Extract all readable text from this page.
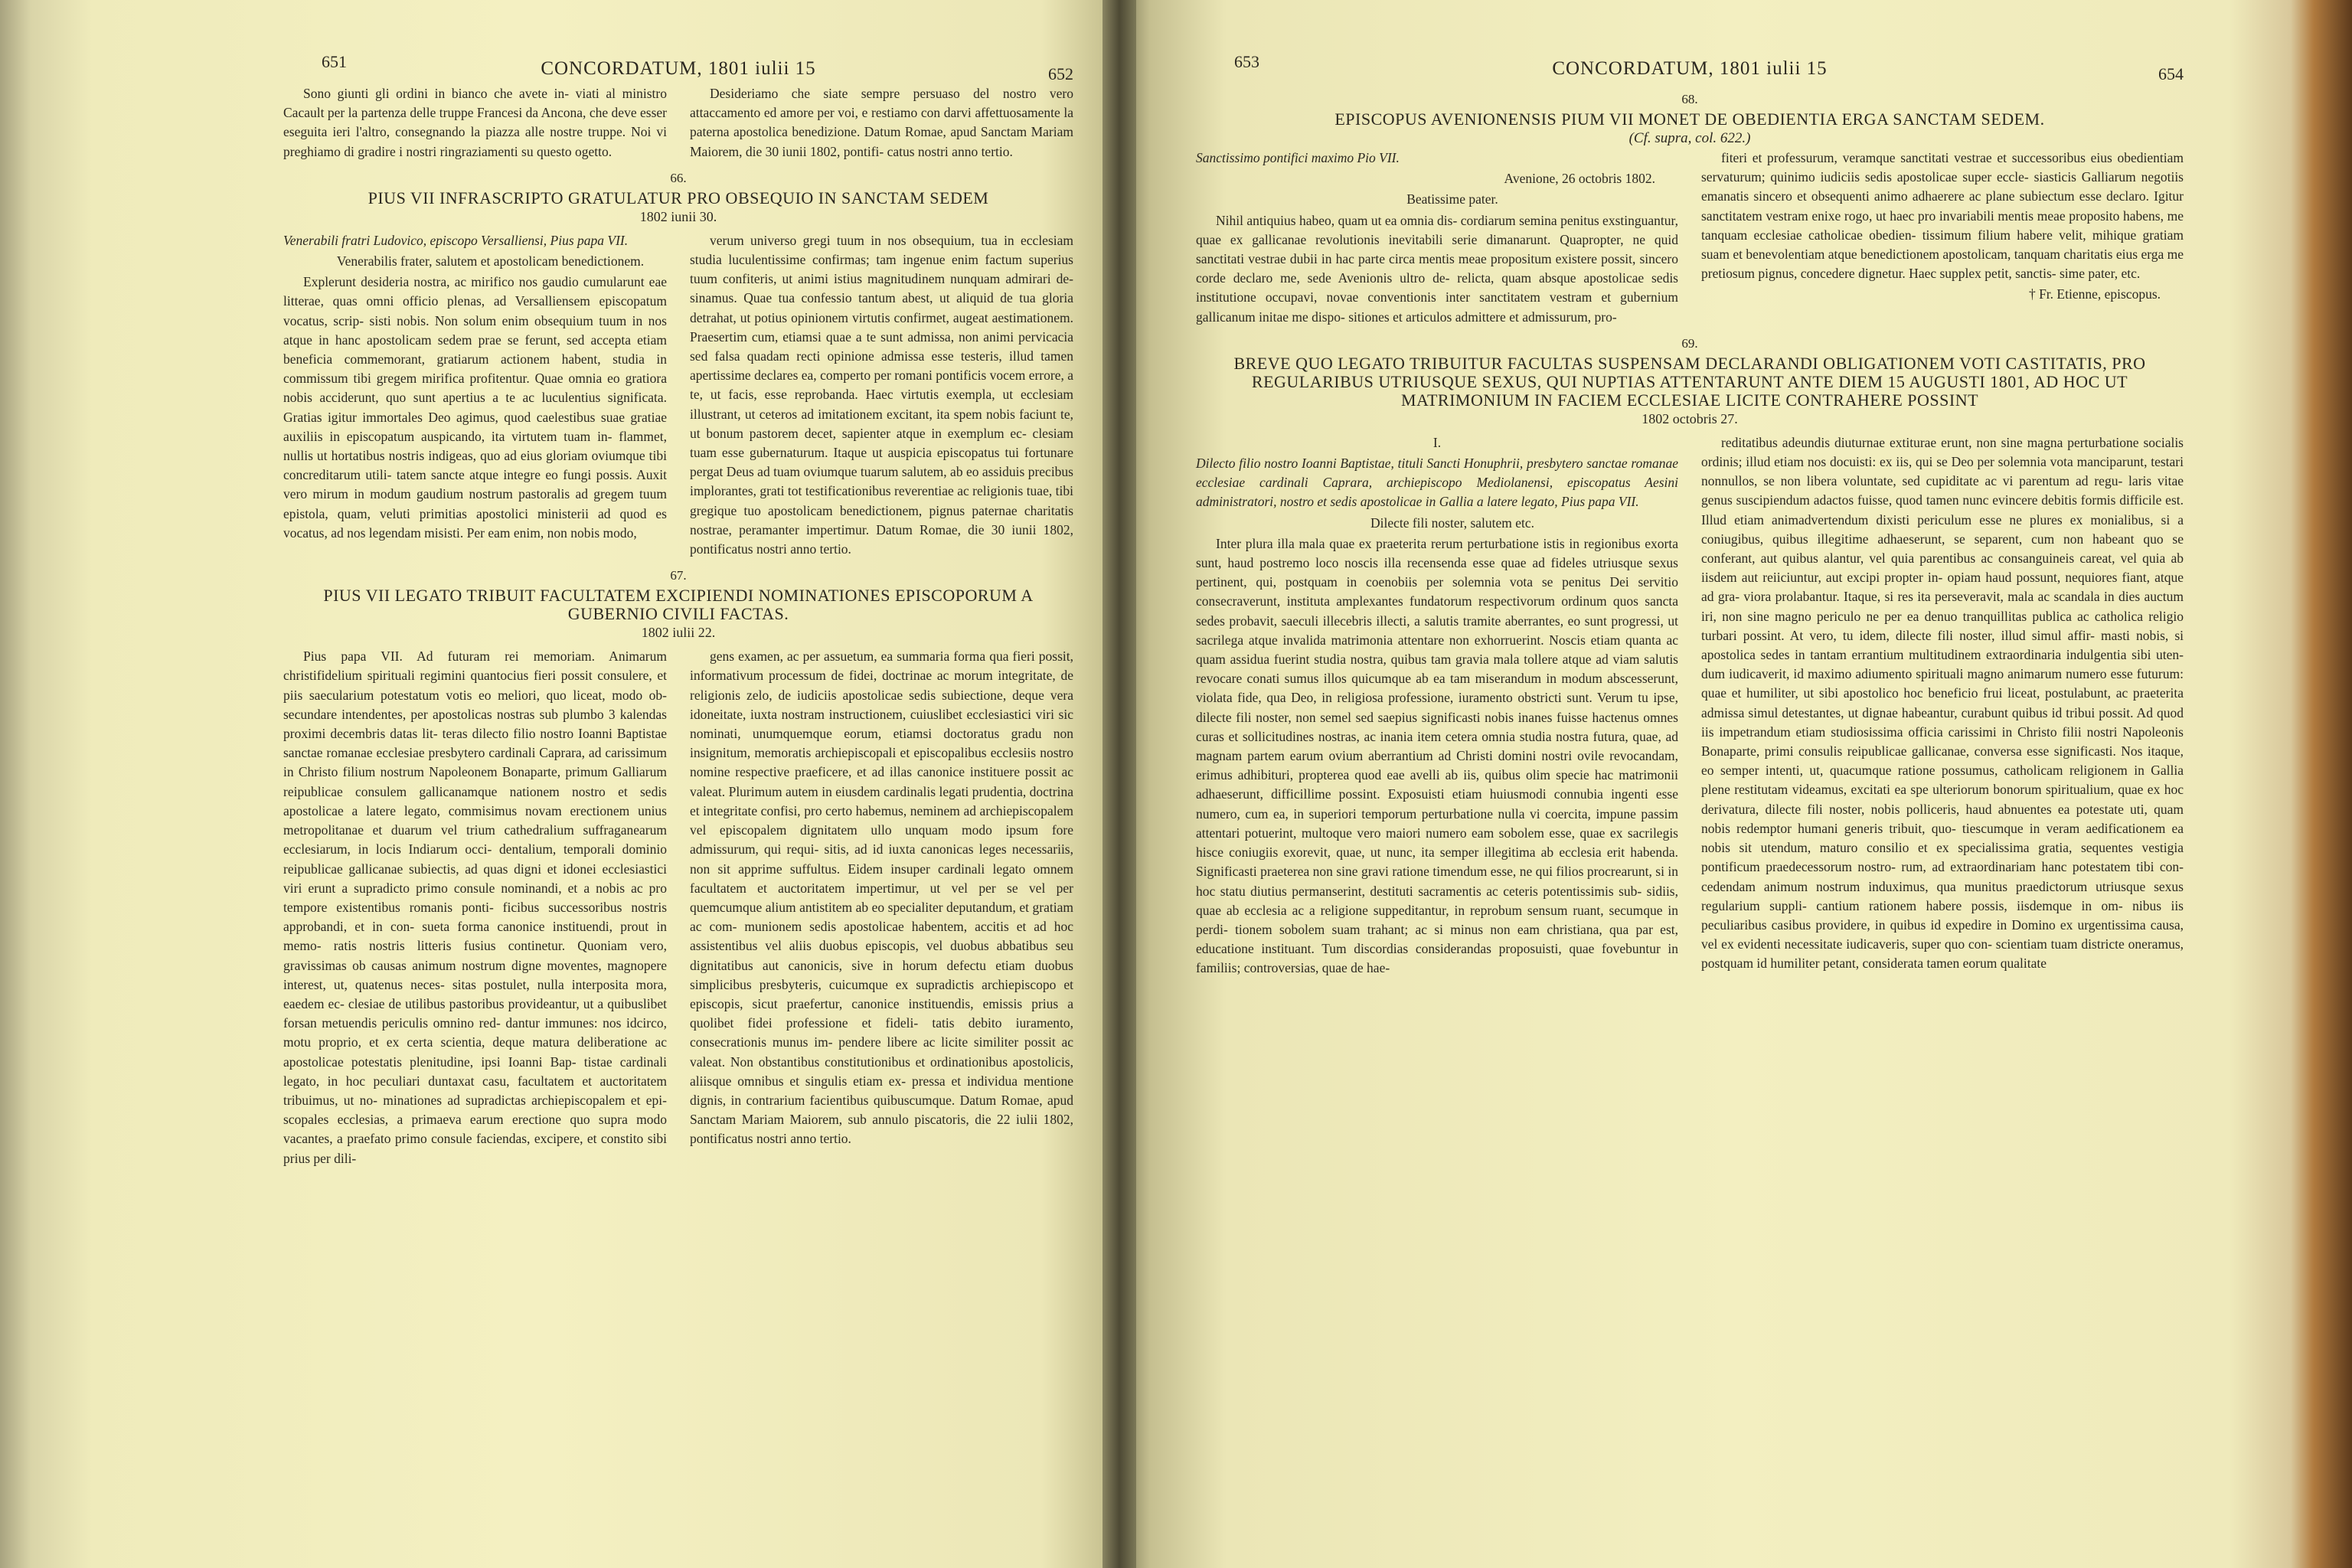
651	CONCORDATUM, 1801 iulii 15	652

Sono giunti gli ordini in bianco che avete in- viati al ministro Cacault per la partenza delle truppe Francesi da Ancona, che deve esser eseguita ieri l'altro, consegnando la piazza alle nostre truppe. Noi vi preghiamo di gradire i nostri ringraziamenti su questo ogetto.

Desideriamo che siate sempre persuaso del nostro vero attaccamento ed amore per voi, e restiamo con darvi affettuosamente la paterna apostolica benedizione. Datum Romae, apud Sanctam Mariam Maiorem, die 30 iunii 1802, pontifi- catus nostri anno tertio.

66.
PIUS VII INFRASCRIPTO GRATULATUR PRO OBSEQUIO IN SANCTAM SEDEM
1802 iunii 30.

Venerabili fratri Ludovico, episcopo Versalliensi, Pius papa VII.

Venerabilis frater, salutem et apostolicam benedictionem.

Explerunt desideria nostra, ac mirifico nos gaudio cumularunt eae litterae, quas omni officio plenas, ad Versalliensem episcopatum vocatus, scrip- sisti nobis. Non solum enim obsequium tuum in nos atque in hanc apostolicam sedem prae se ferunt, sed accepta etiam beneficia commemorant, gratiarum actionem habent, studia in commissum tibi gregem mirifica profitentur. Quae omnia eo gratiora nobis acciderunt, quo sunt apertius a te ac luculentius significata. Gratias igitur immortales Deo agimus, quod caelestibus suae gratiae auxiliis in episcopatum auspicando, ita virtutem tuam in- flammet, nullis ut hortatibus nostris indigeas, quo ad eius gloriam oviumque tibi concreditarum utili- tatem sancte atque integre eo fungi possis. Auxit vero mirum in modum gaudium nostrum pastoralis ad gregem tuum epistola, quam, veluti primitias apostolici ministerii ad quod es vocatus, ad nos legendam misisti. Per eam enim, non nobis modo,

verum universo gregi tuum in nos obsequium, tua in ecclesiam studia luculentissime confirmas; tam ingenue enim factum superius tuum confiteris, ut animi istius magnitudinem nunquam admirari de- sinamus. Quae tua confessio tantum abest, ut aliquid de tua gloria detrahat, ut potius opinionem virtutis confirmet, augeat aestimationem. Praesertim cum, etiamsi quae a te sunt admissa, non animi pervicacia sed falsa quadam recti opinione admissa esse testeris, illud tamen apertissime declares ea, comperto per romani pontificis vocem errore, a te, ut facis, esse reprobanda. Haec virtutis exempla, ut ecclesiam illustrant, ut ceteros ad imitationem excitant, ita spem nobis faciunt te, ut bonum pastorem decet, sapienter atque in exemplum ec- clesiam tuam esse gubernaturum. Itaque ut auspicia episcopatus tui fortunare pergat Deus ad tuam oviumque tuarum salutem, ab eo assiduis precibus implorantes, grati tot testificationibus reverentiae ac religionis tuae, tibi gregique tuo apostolicam benedictionem, pignus paternae charitatis nostrae, peramanter impertimur. Datum Romae, die 30 iunii 1802, pontificatus nostri anno tertio.

67.
PIUS VII LEGATO TRIBUIT FACULTATEM EXCIPIENDI NOMINATIONES EPISCOPORUM A GUBERNIO CIVILI FACTAS.
1802 iulii 22.

Pius papa VII. Ad futuram rei memoriam. Animarum christifidelium spirituali regimini quantocius fieri possit consulere, et piis saecularium potestatum votis eo meliori, quo liceat, modo ob- secundare intendentes, per apostolicas nostras sub plumbo 3 kalendas proximi decembris datas lit- teras dilecto filio nostro Ioanni Baptistae sanctae romanae ecclesiae presbytero cardinali Caprara, ad carissimum in Christo filium nostrum Napoleonem Bonaparte, primum Galliarum reipublicae consulem gallicanamque nationem nostro et sedis apostolicae a latere legato, commisimus novam erectionem unius metropolitanae et duarum vel trium cathedralium suffraganearum ecclesiarum, in locis Indiarum occi- dentalium, temporali dominio reipublicae gallicanae subiectis, ad quas digni et idonei ecclesiastici viri erunt a supradicto primo consule nominandi, et a nobis ac pro tempore existentibus romanis ponti- ficibus successoribus nostris approbandi, et in con- sueta forma canonice instituendi, prout in memo- ratis nostris litteris fusius continetur. Quoniam vero, gravissimas ob causas animum nostrum digne moventes, magnopere interest, ut, quatenus neces- sitas postulet, nulla interposita mora, eaedem ec- clesiae de utilibus pastoribus provideantur, ut a quibuslibet forsan metuendis periculis omnino red- dantur immunes: nos idcirco, motu proprio, et ex certa scientia, deque matura deliberatione ac apostolicae potestatis plenitudine, ipsi Ioanni Bap- tistae cardinali legato, in hoc peculiari duntaxat casu, facultatem et auctoritatem tribuimus, ut no- minationes ad supradictas archiepiscopalem et epi- scopales ecclesias, a primaeva earum erectione quo supra modo vacantes, a praefato primo consule faciendas, excipere, et constito sibi prius per dili-

gens examen, ac per assuetum, ea summaria forma qua fieri possit, informativum processum de fidei, doctrinae ac morum integritate, de religionis zelo, de iudiciis apostolicae sedis subiectione, deque vera idoneitate, iuxta nostram instructionem, cuiuslibet ecclesiastici viri sic nominati, unumquemque eorum, etiamsi doctoratus gradu non insignitum, memoratis archiepiscopali et episcopalibus ecclesiis nostro nomine respective praeficere, et ad illas canonice instituere possit ac valeat. Plurimum autem in eiusdem cardinalis legati prudentia, doctrina et integritate confisi, pro certo habemus, neminem ad archiepiscopalem vel episcopalem dignitatem ullo unquam modo ipsum fore admissurum, qui requi- sitis, ad id iuxta canonicas leges necessariis, non sit apprime suffultus. Eidem insuper cardinali legato omnem facultatem et auctoritatem impertimur, ut vel per se vel per quemcumque alium antistitem ab eo specialiter deputandum, et gratiam ac com- munionem sedis apostolicae habentem, accitis et ad hoc assistentibus vel aliis duobus episcopis, vel duobus abbatibus seu dignitatibus aut canonicis, sive in horum defectu etiam duobus simplicibus presbyteris, cuicumque ex supradictis archiepiscopo et episcopis, sicut praefertur, canonice instituendis, emissis prius a quolibet fidei professione et fideli- tatis debito iuramento, consecrationis munus im- pendere libere ac licite similiter possit ac valeat. Non obstantibus constitutionibus et ordinationibus apostolicis, aliisque omnibus et singulis etiam ex- pressa et individua mentione dignis, in contrarium facientibus quibuscumque. Datum Romae, apud Sanctam Mariam Maiorem, sub annulo piscatoris, die 22 iulii 1802, pontificatus nostri anno tertio.

653	CONCORDATUM, 1801 iulii 15	654
68.
EPISCOPUS AVENIONENSIS PIUM VII MONET DE OBEDIENTIA ERGA SANCTAM SEDEM.
(Cf. supra, col. 622.)

Sanctissimo pontifici maximo Pio VII.

Avenione, 26 octobris 1802.

Beatissime pater.

Nihil antiquius habeo, quam ut ea omnia dis- cordiarum semina penitus exstinguantur, quae ex gallicanae revolutionis inevitabili serie dimanarunt. Quapropter, ne quid sanctitati vestrae dubii in hac parte circa mentis meae propositum existere possit, sincero corde declaro me, sede Avenionis ultro de- relicta, quam absque apostolicae sedis institutione occupavi, novae conventionis inter sanctitatem vestram et gubernium gallicanum initae me dispo- sitiones et articulos admittere et admissurum, pro-

fiteri et professurum, veramque sanctitati vestrae et successoribus eius obedientiam servaturum; quinimo iudiciis sedis apostolicae super eccle- siasticis Galliarum negotiis emanatis sincero et obsequenti animo adhaerere ac plane subiectum esse declaro. Igitur sanctitatem vestram enixe rogo, ut haec pro invariabili mentis meae proposito habens, me tanquam ecclesiae catholicae obedien- tissimum filium habere velit, mihique gratiam suam et benevolentiam atque benedictionem apostolicam, tanquam charitatis eius erga me pretiosum pignus, concedere dignetur. Haec supplex petit, sanctis- sime pater, etc.

† Fr. Etienne, episcopus.

69.
BREVE QUO LEGATO TRIBUITUR FACULTAS SUSPENSAM DECLARANDI OBLIGATIONEM VOTI CASTITATIS, PRO REGULARIBUS UTRIUSQUE SEXUS, QUI NUPTIAS ATTENTARUNT ANTE DIEM 15 AUGUSTI 1801, AD HOC UT MATRIMONIUM IN FACIEM ECCLESIAE LICITE CONTRAHERE POSSINT
1802 octobris 27.

I.

Dilecto filio nostro Ioanni Baptistae, tituli Sancti Honuphrii, presbytero sanctae romanae ecclesiae cardinali Caprara, archiepiscopo Mediolanensi, episcopatus Aesini administratori, nostro et sedis apostolicae in Gallia a latere legato, Pius papa VII.

Dilecte fili noster, salutem etc.

Inter plura illa mala quae ex praeterita rerum perturbatione istis in regionibus exorta sunt, haud postremo loco noscis illa recensenda esse quae ad fideles utriusque sexus pertinent, qui, postquam in coenobiis per solemnia vota se penitus Dei servitio consecraverunt, instituta amplexantes fundatorum respectivorum ordinum quos sancta sedes probavit, saeculi illecebris illecti, a salutis tramite aberrantes, eo sunt progressi, ut sacrilega atque invalida matrimonia attentare non exhorruerint. Noscis etiam quanta ac quam assidua fuerint studia nostra, quibus tam gravia mala tollere atque ad viam salutis revocare conati sumus illos quicumque ab ea tam miserandum in modum abscesserunt, violata fide, qua Deo, in religiosa professione, iuramento obstricti sunt. Verum tu ipse, dilecte fili noster, non semel sed saepius significasti nobis inanes fuisse hactenus omnes curas et sollicitudines nostras, ac inania item cetera omnia studia nostra futura, quae, ad magnam partem earum ovium aberrantium ad Christi domini nostri ovile revocandam, erimus adhibituri, propterea quod eae avelli ab iis, quibus olim specie hac matrimonii adhaeserunt, difficillime possint. Exposuisti etiam huiusmodi connubia ingenti esse numero, cum ea, in superiori temporum perturbatione nulla vi coercita, impune passim attentari potuerint, multoque vero maiori numero eam sobolem esse, quae ex sacrilegis hisce coniugiis exorevit, quae, ut nunc, ita semper illegitima ab ecclesia erit habenda. Significasti praeterea non sine gravi ratione timendum esse, ne qui filios procrearunt, si in hoc statu diutius permanserint, destituti sacramentis ac ceteris potentissimis sub- sidiis, quae ab ecclesia ac a religione suppeditantur, in reprobum sensum ruant, secumque in perdi- tionem sobolem suam trahant; ac si minus non eam christiana, qua par est, educatione instituant. Tum discordias considerandas proposuisti, quae fovebuntur in familiis; controversias, quae de hae-

reditatibus adeundis diuturnae extiturae erunt, non sine magna perturbatione socialis ordinis; illud etiam nos docuisti: ex iis, qui se Deo per solemnia vota manciparunt, testari nonnullos, se non libera voluntate, sed cupiditate ac vi parentum ad regu- laris vitae genus suscipiendum adactos fuisse, quod tamen nunc evincere debitis formis difficile est. Illud etiam animadvertendum dixisti periculum esse ne plures ex monialibus, si a coniugibus, quibus illegitime adhaeserunt, se separent, cum non habeant quo se conferant, aut quibus alantur, vel quia parentibus ac consanguineis careat, vel quia ab iisdem aut reiiciuntur, aut excipi propter in- opiam haud possunt, nequiores fiant, atque ad gra- viora prolabantur. Itaque, si res ita perseveravit, mala ac scandala in dies auctum iri, non sine magno periculo ne per ea denuo tranquillitas publica ac catholica religio turbari possint. At vero, tu idem, dilecte fili noster, illud simul affir- masti nobis, si apostolica sedes in tantam errantium multitudinem extraordinaria indulgentia sibi uten- dum iudicaverit, id maximo adiumento spirituali magno animarum numero esse futurum: quae et humiliter, ut sibi apostolico hoc beneficio frui liceat, postulabunt, ac praeterita admissa simul detestantes, ut dignae habeantur, curabunt quibus id tribui possit. Ad quod iis impetrandum etiam studiosissima officia carissimi in Christo filii nostri Napoleonis Bonaparte, primi consulis reipublicae gallicanae, conversa esse significasti. Nos itaque, eo semper intenti, ut, quacumque ratione possumus, catholicam religionem in Gallia plene restitutam videamus, excitati ea spe ulteriorum bonorum spiritualium, quae ex hoc derivatura, dilecte fili noster, nobis polliceris, haud abnuentes ea potestate uti, quam nobis redemptor humani generis tribuit, quo- tiescumque in veram aedificationem ea nobis sit utendum, maturo consilio et ex specialissima gratia, sequentes vestigia pontificum praedecessorum nostro- rum, ad extraordinariam hanc potestatem tibi con- cedendam animum nostrum induximus, qua munitus praedictorum utriusque sexus regularium suppli- cantium rationem habere possis, iisdemque in om- nibus iis peculiaribus casibus providere, in quibus id expedire in Domino ex urgentissima causa, vel ex evidenti necessitate iudicaveris, super quo con- scientiam tuam districte oneramus, postquam id humiliter petant, considerata tamen eorum qualitate
